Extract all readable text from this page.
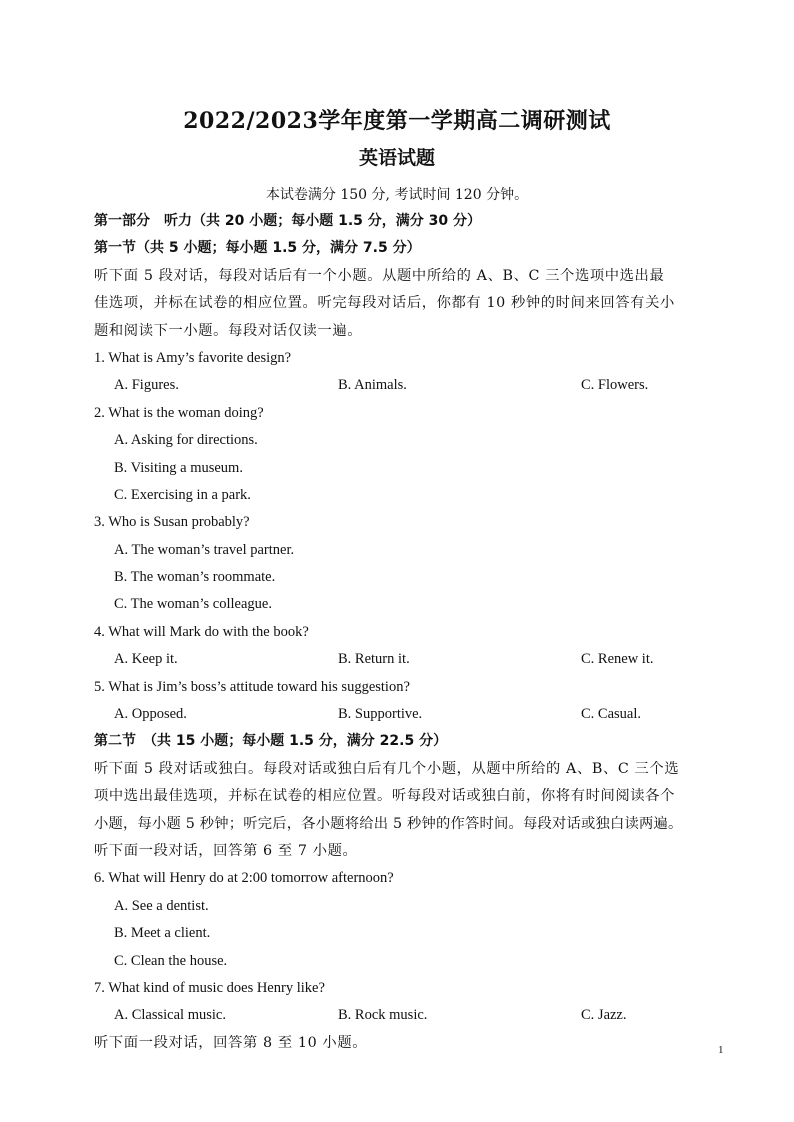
2022/2023学年度第一学期高二调研测试
英语试题
本试卷满分 150 分, 考试时间 120 分钟。
第一部分　听力（共 20 小题；每小题 1.5 分，满分 30 分）
第一节（共 5 小题；每小题 1.5 分，满分 7.5 分）
听下面 5 段对话，每段对话后有一个小题。从题中所给的 A、B、C 三个选项中选出最
佳选项，并标在试卷的相应位置。听完每段对话后，你都有 10 秒钟的时间来回答有关小
题和阅读下一小题。每段对话仅读一遍。
1. What is Amy’s favorite design?
A. Figures.	B. Animals.	C. Flowers.
2. What is the woman doing?
A. Asking for directions.
B. Visiting a museum.
C. Exercising in a park.
3. Who is Susan probably?
A. The woman’s travel partner.
B. The woman’s roommate.
C. The woman’s colleague.
4. What will Mark do with the book?
A. Keep it.	B. Return it.	C. Renew it.
5. What is Jim’s boss’s attitude toward his suggestion?
A. Opposed.	B. Supportive.	C. Casual.
第二节　（共 15 小题；每小题 1.5 分，满分 22.5 分）
听下面 5 段对话或独白。每段对话或独白后有几个小题，从题中所给的 A、B、C 三个选
项中选出最佳选项，并标在试卷的相应位置。听每段对话或独白前，你将有时间阅读各个
小题，每小题 5 秒钟；听完后，各小题将给出 5 秒钟的作答时间。每段对话或独白读两遍。
听下面一段对话，回答第 6 至 7 小题。
6. What will Henry do at 2:00 tomorrow afternoon?
A. See a dentist.
B. Meet a client.
C. Clean the house.
7. What kind of music does Henry like?
A. Classical music.	B. Rock music.	C. Jazz.
听下面一段对话，回答第 8 至 10 小题。	1
